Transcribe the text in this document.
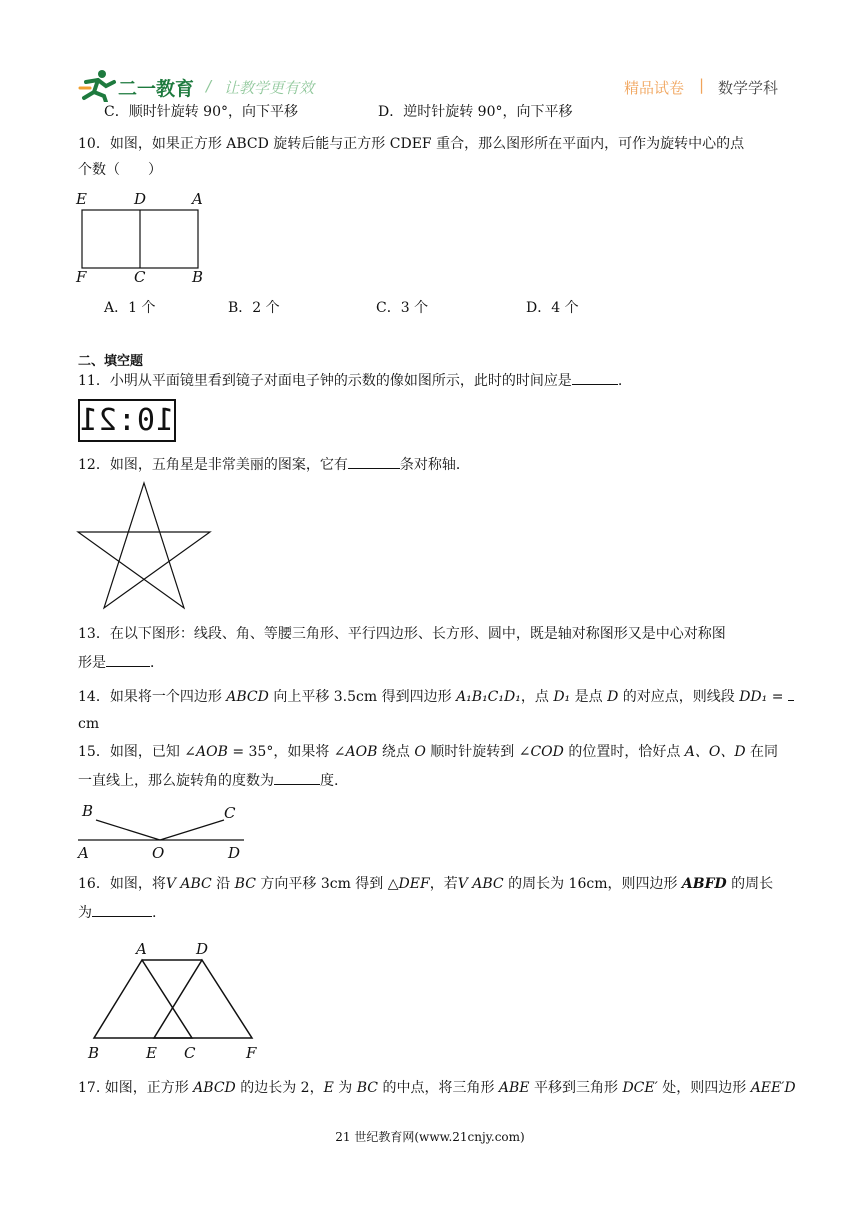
二一教育 / 让教学更有效	精品试卷 | 数学学科
C．顺时针旋转 90°，向下平移	D．逆时针旋转 90°，向下平移
10．如图，如果正方形 ABCD 旋转后能与正方形 CDEF 重合，那么图形所在平面内，可作为旋转中心的点
个数（　　）
E	D	A
F	C	B
A．1 个	B．2 个	C．3 个	D．4 个
二、填空题
11．小明从平面镜里看到镜子对面电子钟的示数的像如图所示，此时的时间应是	.
10:21
12．如图，五角星是非常美丽的图案，它有	条对称轴．
13．在以下图形：线段、角、等腰三角形、平行四边形、长方形、圆中，既是轴对称图形又是中心对称图
形是	．
14．如果将一个四边形 ABCD 向上平移 3.5cm 得到四边形 A₁B₁C₁D₁，点 D₁ 是点 D 的对应点，则线段 DD₁ =
cm
15．如图，已知 ∠AOB = 35°，如果将 ∠AOB 绕点 O 顺时针旋转到 ∠COD 的位置时，恰好点 A、O、D 在同
一直线上，那么旋转角的度数为	度.
B	C
A	O	D
16．如图，将V ABC 沿 BC 方向平移 3cm 得到 △DEF，若V ABC 的周长为 16cm，则四边形 ABFD 的周长
为	.
A	D
B	E C	F
17. 如图，正方形 ABCD 的边长为 2，E 为 BC 的中点，将三角形 ABE 平移到三角形 DCE′ 处，则四边形 AEE′D
21 世纪教育网(www.21cnjy.com)
